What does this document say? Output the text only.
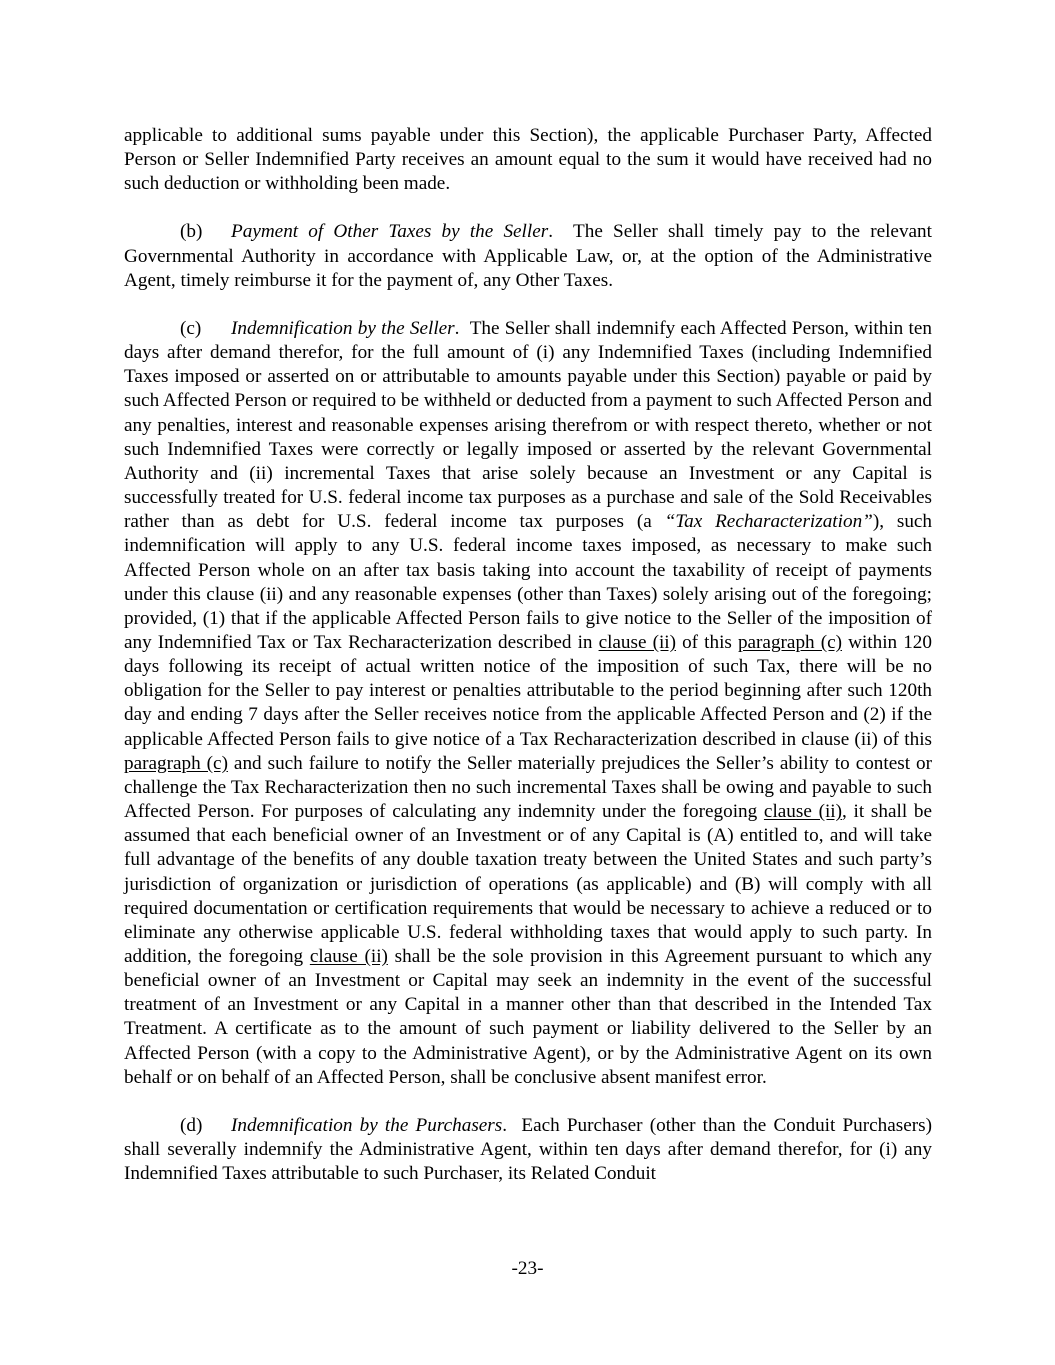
applicable to additional sums payable under this Section), the applicable Purchaser Party, Affected Person or Seller Indemnified Party receives an amount equal to the sum it would have received had no such deduction or withholding been made.

(b) Payment of Other Taxes by the Seller.  The Seller shall timely pay to the relevant Governmental Authority in accordance with Applicable Law, or, at the option of the Administrative Agent, timely reimburse it for the payment of, any Other Taxes.

(c) Indemnification by the Seller.  The Seller shall indemnify each Affected Person, within ten days after demand therefor, for the full amount of (i) any Indemnified Taxes (including Indemnified Taxes imposed or asserted on or attributable to amounts payable under this Section) payable or paid by such Affected Person or required to be withheld or deducted from a payment to such Affected Person and any penalties, interest and reasonable expenses arising therefrom or with respect thereto, whether or not such Indemnified Taxes were correctly or legally imposed or asserted by the relevant Governmental Authority and (ii) incremental Taxes that arise solely because an Investment or any Capital is successfully treated for U.S. federal income tax purposes as a purchase and sale of the Sold Receivables rather than as debt for U.S. federal income tax purposes (a “Tax Recharacterization”), such indemnification will apply to any U.S. federal income taxes imposed, as necessary to make such Affected Person whole on an after tax basis taking into account the taxability of receipt of payments under this clause (ii) and any reasonable expenses (other than Taxes) solely arising out of the foregoing; provided, (1) that if the applicable Affected Person fails to give notice to the Seller of the imposition of any Indemnified Tax or Tax Recharacterization described in clause (ii) of this paragraph (c) within 120 days following its receipt of actual written notice of the imposition of such Tax, there will be no obligation for the Seller to pay interest or penalties attributable to the period beginning after such 120th day and ending 7 days after the Seller receives notice from the applicable Affected Person and (2) if the applicable Affected Person fails to give notice of a Tax Recharacterization described in clause (ii) of this paragraph (c) and such failure to notify the Seller materially prejudices the Seller’s ability to contest or challenge the Tax Recharacterization then no such incremental Taxes shall be owing and payable to such Affected Person. For purposes of calculating any indemnity under the foregoing clause (ii), it shall be assumed that each beneficial owner of an Investment or of any Capital is (A) entitled to, and will take full advantage of the benefits of any double taxation treaty between the United States and such party’s jurisdiction of organization or jurisdiction of operations (as applicable) and (B) will comply with all required documentation or certification requirements that would be necessary to achieve a reduced or to eliminate any otherwise applicable U.S. federal withholding taxes that would apply to such party. In addition, the foregoing clause (ii) shall be the sole provision in this Agreement pursuant to which any beneficial owner of an Investment or Capital may seek an indemnity in the event of the successful treatment of an Investment or any Capital in a manner other than that described in the Intended Tax Treatment. A certificate as to the amount of such payment or liability delivered to the Seller by an Affected Person (with a copy to the Administrative Agent), or by the Administrative Agent on its own behalf or on behalf of an Affected Person, shall be conclusive absent manifest error.

(d) Indemnification by the Purchasers.  Each Purchaser (other than the Conduit Purchasers) shall severally indemnify the Administrative Agent, within ten days after demand therefor, for (i) any Indemnified Taxes attributable to such Purchaser, its Related Conduit

-23-
